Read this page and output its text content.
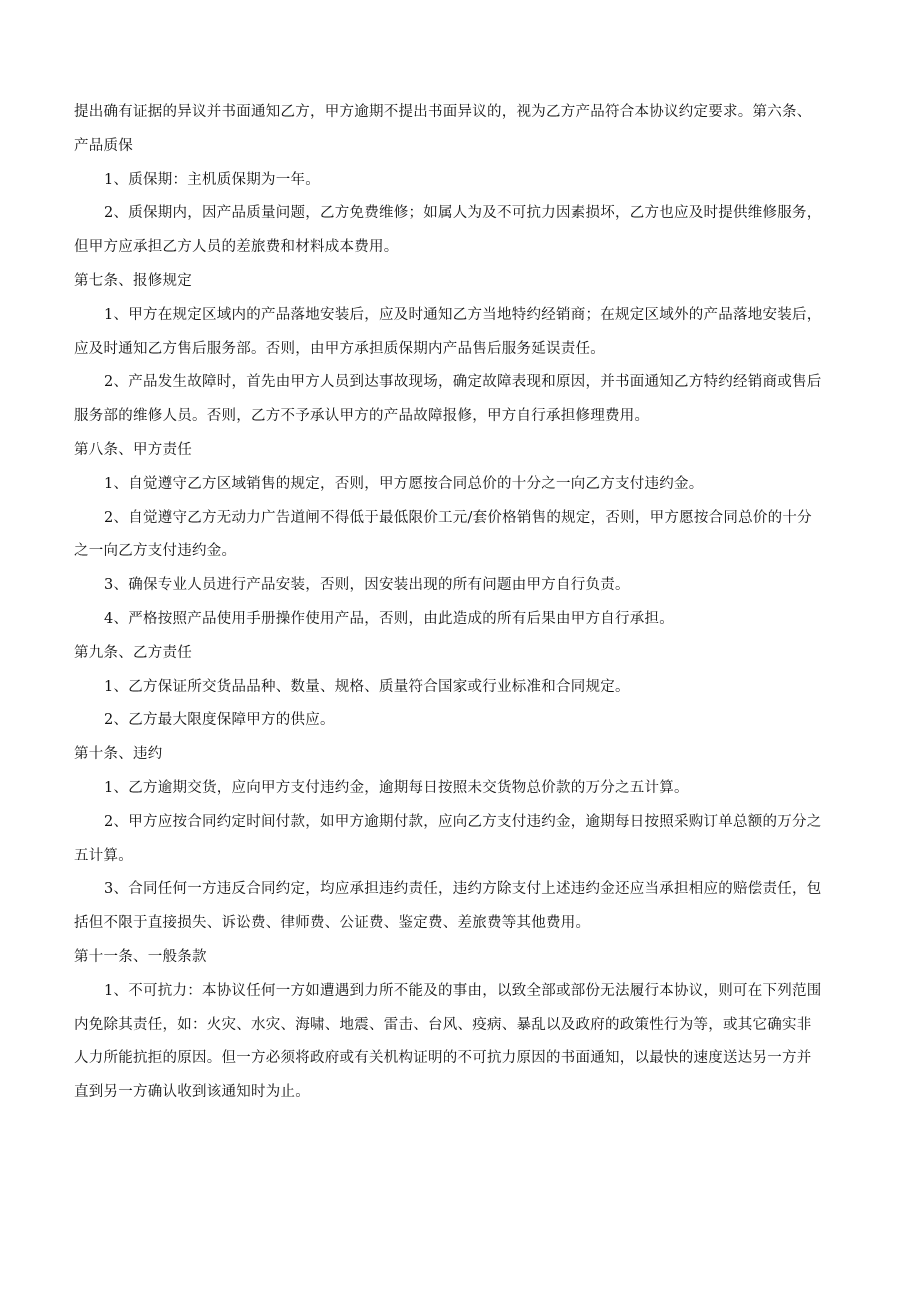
提出确有证据的异议并书面通知乙方，甲方逾期不提出书面异议的，视为乙方产品符合本协议约定要求。第六条、
产品质保
1、质保期：主机质保期为一年。
2、质保期内，因产品质量问题，乙方免费维修；如属人为及不可抗力因素损坏，乙方也应及时提供维修服务，
但甲方应承担乙方人员的差旅费和材料成本费用。
第七条、报修规定
1、甲方在规定区域内的产品落地安装后，应及时通知乙方当地特约经销商；在规定区域外的产品落地安装后，
应及时通知乙方售后服务部。否则，由甲方承担质保期内产品售后服务延误责任。
2、产品发生故障时，首先由甲方人员到达事故现场，确定故障表现和原因，并书面通知乙方特约经销商或售后
服务部的维修人员。否则，乙方不予承认甲方的产品故障报修，甲方自行承担修理费用。
第八条、甲方责任
1、自觉遵守乙方区域销售的规定，否则，甲方愿按合同总价的十分之一向乙方支付违约金。
2、自觉遵守乙方无动力广告道闸不得低于最低限价工元/套价格销售的规定，否则，甲方愿按合同总价的十分
之一向乙方支付违约金。
3、确保专业人员进行产品安装，否则，因安装出现的所有问题由甲方自行负责。
4、严格按照产品使用手册操作使用产品，否则，由此造成的所有后果由甲方自行承担。
第九条、乙方责任
1、乙方保证所交货品品种、数量、规格、质量符合国家或行业标准和合同规定。
2、乙方最大限度保障甲方的供应。
第十条、违约
1、乙方逾期交货，应向甲方支付违约金，逾期每日按照未交货物总价款的万分之五计算。
2、甲方应按合同约定时间付款，如甲方逾期付款，应向乙方支付违约金，逾期每日按照采购订单总额的万分之
五计算。
3、合同任何一方违反合同约定，均应承担违约责任，违约方除支付上述违约金还应当承担相应的赔偿责任，包
括但不限于直接损失、诉讼费、律师费、公证费、鉴定费、差旅费等其他费用。
第十一条、一般条款
1、不可抗力：本协议任何一方如遭遇到力所不能及的事由，以致全部或部份无法履行本协议，则可在下列范围
内免除其责任，如：火灾、水灾、海啸、地震、雷击、台风、疫病、暴乱以及政府的政策性行为等，或其它确实非
人力所能抗拒的原因。但一方必须将政府或有关机构证明的不可抗力原因的书面通知，以最快的速度送达另一方并
直到另一方确认收到该通知时为止。
